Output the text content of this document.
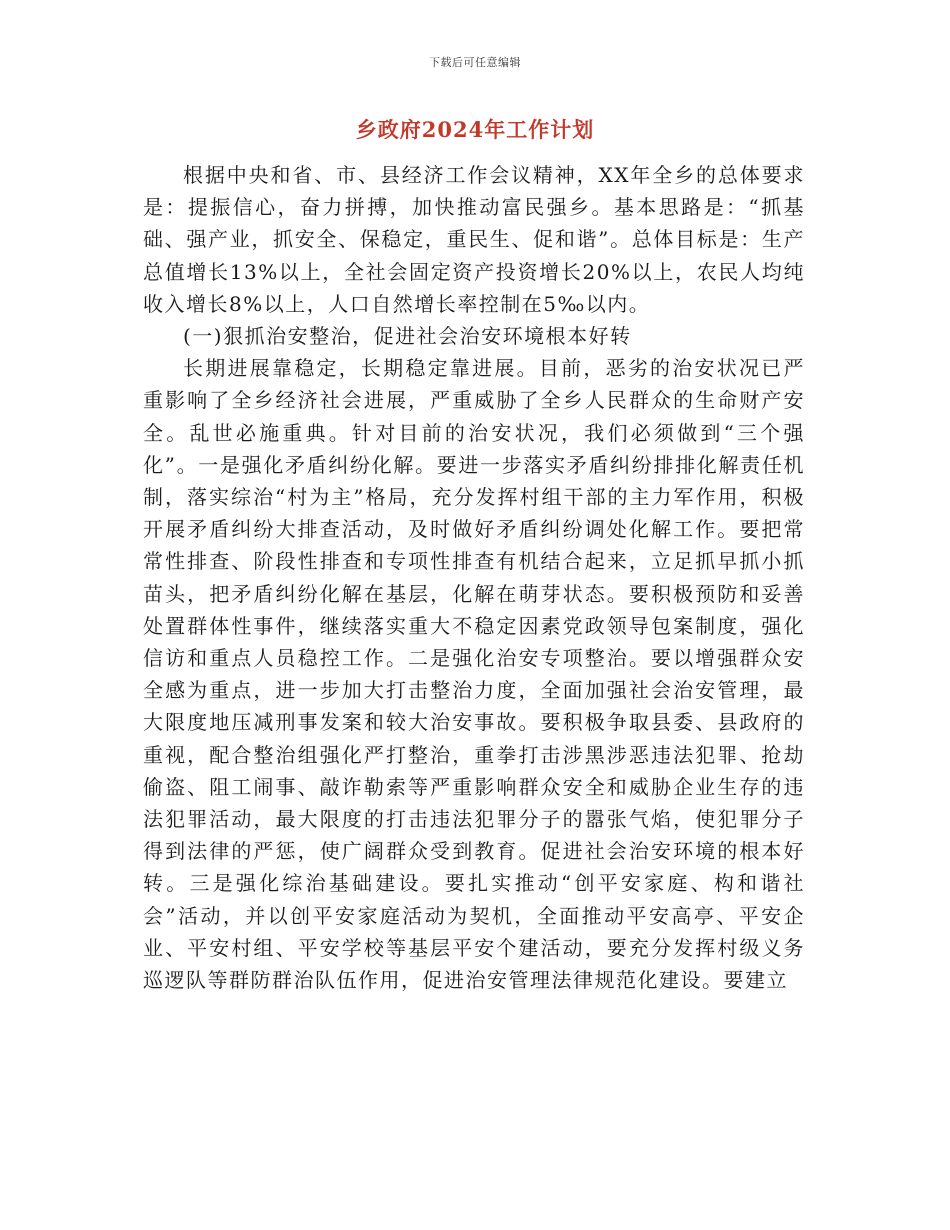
下载后可任意编辑
乡政府2024年工作计划

根据中央和省、市、县经济工作会议精神，XX年全乡的总体要求是：提振信心，奋力拼搏，加快推动富民强乡。基本思路是：“抓基础、强产业，抓安全、保稳定，重民生、促和谐”。总体目标是：生产总值增长13%以上，全社会固定资产投资增长20%以上，农民人均纯收入增长8%以上，人口自然增长率控制在5‰以内。

(一)狠抓治安整治，促进社会治安环境根本好转

长期进展靠稳定，长期稳定靠进展。目前，恶劣的治安状况已严重影响了全乡经济社会进展，严重威胁了全乡人民群众的生命财产安全。乱世必施重典。针对目前的治安状况，我们必须做到“三个强化”。一是强化矛盾纠纷化解。要进一步落实矛盾纠纷排排化解责任机制，落实综治“村为主”格局，充分发挥村组干部的主力军作用，积极开展矛盾纠纷大排查活动，及时做好矛盾纠纷调处化解工作。要把常常性排查、阶段性排查和专项性排查有机结合起来，立足抓早抓小抓苗头，把矛盾纠纷化解在基层，化解在萌芽状态。要积极预防和妥善处置群体性事件，继续落实重大不稳定因素党政领导包案制度，强化信访和重点人员稳控工作。二是强化治安专项整治。要以增强群众安全感为重点，进一步加大打击整治力度，全面加强社会治安管理，最大限度地压减刑事发案和较大治安事故。要积极争取县委、县政府的重视，配合整治组强化严打整治，重拳打击涉黑涉恶违法犯罪、抢劫偷盗、阻工闹事、敲诈勒索等严重影响群众安全和威胁企业生存的违法犯罪活动，最大限度的打击违法犯罪分子的嚣张气焰，使犯罪分子得到法律的严惩，使广阔群众受到教育。促进社会治安环境的根本好转。三是强化综治基础建设。要扎实推动“创平安家庭、构和谐社会”活动，并以创平安家庭活动为契机，全面推动平安高亭、平安企业、平安村组、平安学校等基层平安个建活动，要充分发挥村级义务巡逻队等群防群治队伍作用，促进治安管理法律规范化建设。要建立
